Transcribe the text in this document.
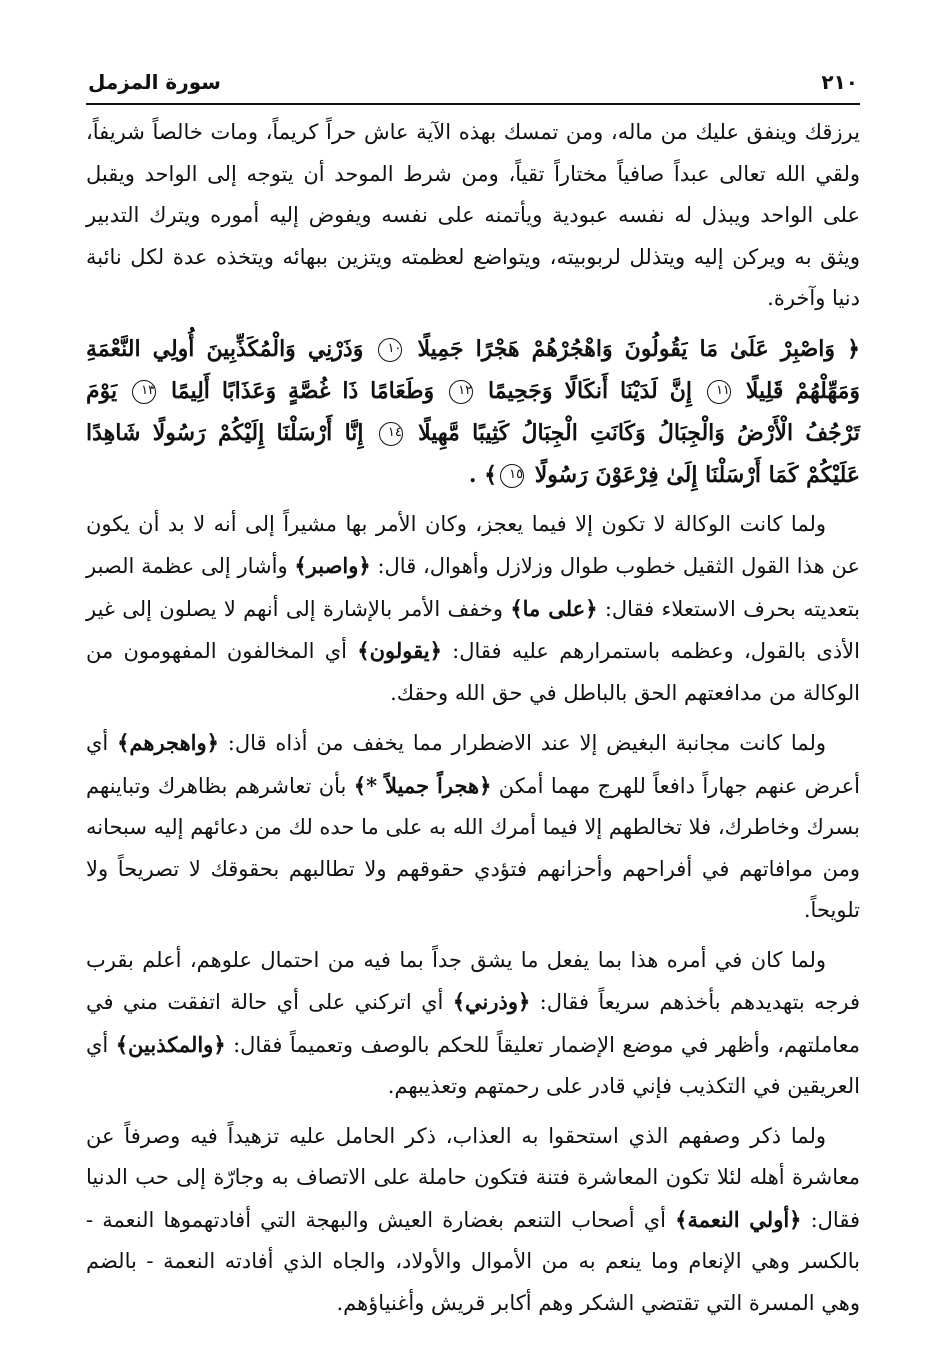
٢١٠
سورة المزمل

يرزقك وينفق عليك من ماله، ومن تمسك بهذه الآية عاش حراً كريماً، ومات خالصاً شريفاً، ولقي الله تعالى عبداً صافياً مختاراً تقياً، ومن شرط الموحد أن يتوجه إلى الواحد ويقبل على الواحد ويبذل له نفسه عبودية ويأتمنه على نفسه ويفوض إليه أموره ويترك التدبير ويثق به ويركن إليه ويتذلل لربوبيته، ويتواضع لعظمته ويتزين ببهائه ويتخذه عدة لكل نائبة دنيا وآخرة.

﴿ وَاصْبِرْ عَلَىٰ مَا يَقُولُونَ وَاهْجُرْهُمْ هَجْرًا جَمِيلًا ١٠ وَذَرْنِي وَالْمُكَذِّبِينَ أُولِي النَّعْمَةِ وَمَهِّلْهُمْ قَلِيلًا ١١ إِنَّ لَدَيْنَا أَنكَالًا وَجَحِيمًا ١٢ وَطَعَامًا ذَا غُصَّةٍ وَعَذَابًا أَلِيمًا ١٣ يَوْمَ تَرْجُفُ الْأَرْضُ وَالْجِبَالُ وَكَانَتِ الْجِبَالُ كَثِيبًا مَّهِيلًا ١٤ إِنَّا أَرْسَلْنَا إِلَيْكُمْ رَسُولًا شَاهِدًا عَلَيْكُمْ كَمَا أَرْسَلْنَا إِلَىٰ فِرْعَوْنَ رَسُولًا ١٥﴾ .

ولما كانت الوكالة لا تكون إلا فيما يعجز، وكان الأمر بها مشيراً إلى أنه لا بد أن يكون عن هذا القول الثقيل خطوب طوال وزلازل وأهوال، قال: ﴿واصبر﴾ وأشار إلى عظمة الصبر بتعديته بحرف الاستعلاء فقال: ﴿على ما﴾ وخفف الأمر بالإشارة إلى أنهم لا يصلون إلى غير الأذى بالقول، وعظمه باستمرارهم عليه فقال: ﴿يقولون﴾ أي المخالفون المفهومون من الوكالة من مدافعتهم الحق بالباطل في حق الله وحقك.

ولما كانت مجانبة البغيض إلا عند الاضطرار مما يخفف من أذاه قال: ﴿واهجرهم﴾ أي أعرض عنهم جهاراً دافعاً للهرج مهما أمكن ﴿هجراً جميلاً *﴾ بأن تعاشرهم بظاهرك وتباينهم بسرك وخاطرك، فلا تخالطهم إلا فيما أمرك الله به على ما حده لك من دعائهم إليه سبحانه ومن موافاتهم في أفراحهم وأحزانهم فتؤدي حقوقهم ولا تطالبهم بحقوقك لا تصريحاً ولا تلويحاً.

ولما كان في أمره هذا بما يفعل ما يشق جداً بما فيه من احتمال علوهم، أعلم بقرب فرجه بتهديدهم بأخذهم سريعاً فقال: ﴿وذرني﴾ أي اتركني على أي حالة اتفقت مني في معاملتهم، وأظهر في موضع الإضمار تعليقاً للحكم بالوصف وتعميماً فقال: ﴿والمكذبين﴾ أي العريقين في التكذيب فإني قادر على رحمتهم وتعذيبهم.

ولما ذكر وصفهم الذي استحقوا به العذاب، ذكر الحامل عليه تزهيداً فيه وصرفاً عن معاشرة أهله لئلا تكون المعاشرة فتنة فتكون حاملة على الاتصاف به وجارّة إلى حب الدنيا فقال: ﴿أولي النعمة﴾ أي أصحاب التنعم بغضارة العيش والبهجة التي أفادتهموها النعمة - بالكسر وهي الإنعام وما ينعم به من الأموال والأولاد، والجاه الذي أفادته النعمة - بالضم وهي المسرة التي تقتضي الشكر وهم أكابر قريش وأغنياؤهم.
